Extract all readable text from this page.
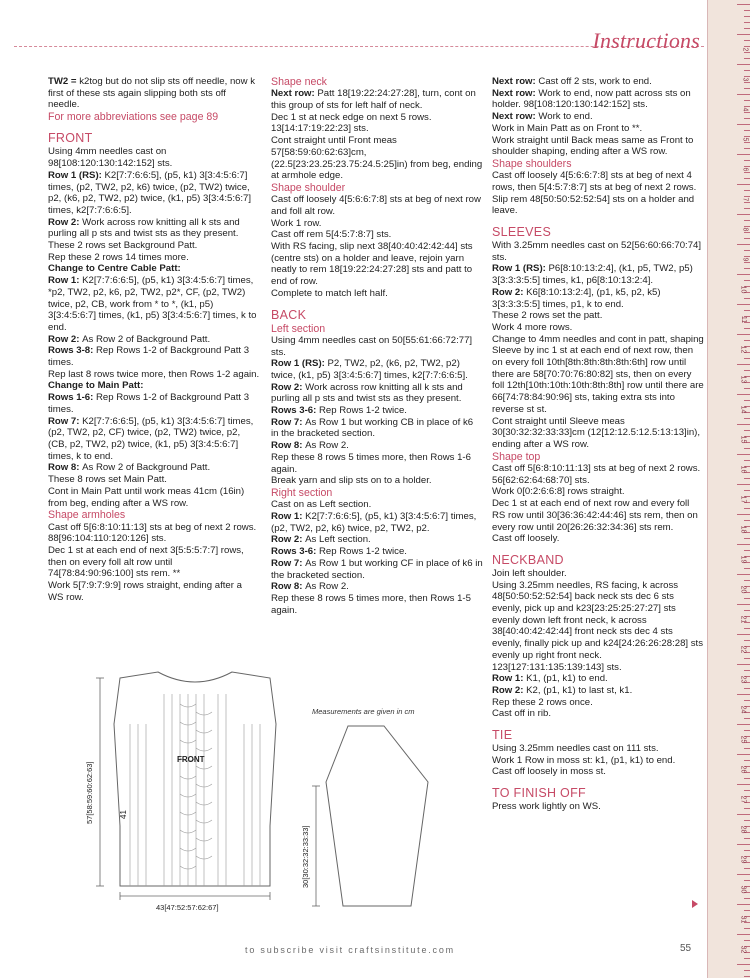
Instructions	2
3
4
5
6
7
8
9
10
11
12
13
14
15
16
17
18
19
20
21
22
23
24
25
26
27
28
29
30
31
32

TW2 = k2tog but do not slip sts off needle, now k first of these sts again slipping both sts off needle.

For more abbreviations see page 89
FRONT

Using 4mm needles cast on 98[108:120:130:142:152] sts.

Row 1 (RS): K2[7:7:6:6:5], (p5, k1) 3[3:4:5:6:7] times, (p2, TW2, p2, k6) twice, (p2, TW2) twice, p2, (k6, p2, TW2, p2) twice, (k1, p5) 3[3:4:5:6:7] times, k2[7:7:6:6:5].

Row 2: Work across row knitting all k sts and purling all p sts and twist sts as they present.

These 2 rows set Background Patt.

Rep these 2 rows 14 times more.

Change to Centre Cable Patt:

Row 1: K2[7:7:6:6:5], (p5, k1) 3[3:4:5:6:7] times, *p2, TW2, p2, k6, p2, TW2, p2*, CF, (p2, TW2) twice, p2, CB, work from * to *, (k1, p5) 3[3:4:5:6:7] times, (k1, p5) 3[3:4:5:6:7] times, k to end.

Row 2: As Row 2 of Background Patt.

Rows 3-8: Rep Rows 1-2 of Background Patt 3 times.

Rep last 8 rows twice more, then Rows 1-2 again.

Change to Main Patt:

Rows 1-6: Rep Rows 1-2 of Background Patt 3 times.

Row 7: K2[7:7:6:6:5], (p5, k1) 3[3:4:5:6:7] times, (p2, TW2, p2, CF) twice, (p2, TW2) twice, p2, (CB, p2, TW2, p2) twice, (k1, p5) 3[3:4:5:6:7] times, k to end.

Row 8: As Row 2 of Background Patt.

These 8 rows set Main Patt.

Cont in Main Patt until work meas 41cm (16in) from beg, ending after a WS row.

Shape armholes

Cast off 5[6:8:10:11:13] sts at beg of next 2 rows. 88[96:104:110:120:126] sts.

Dec 1 st at each end of next 3[5:5:5:7:7] rows, then on every foll alt row until 74[78:84:90:96:100] sts rem. **

Work 5[7:9:7:9:9] rows straight, ending after a WS row.

Shape neck

Next row: Patt 18[19:22:24:27:28], turn, cont on this group of sts for left half of neck.

Dec 1 st at neck edge on next 5 rows. 13[14:17:19:22:23] sts.

Cont straight until Front meas 57[58:59:60:62:63]cm, (22.5[23:23.25:23.75:24.5:25]in) from beg, ending at armhole edge.

Shape shoulder

Cast off loosely 4[5:6:6:7:8] sts at beg of next row and foll alt row.

Work 1 row.

Cast off rem 5[4:5:7:8:7] sts.

With RS facing, slip next 38[40:40:42:42:44] sts (centre sts) on a holder and leave, rejoin yarn neatly to rem 18[19:22:24:27:28] sts and patt to end of row.

Complete to match left half.

BACK
Left section

Using 4mm needles cast on 50[55:61:66:72:77] sts.

Row 1 (RS): P2, TW2, p2, (k6, p2, TW2, p2) twice, (k1, p5) 3[3:4:5:6:7] times, k2[7:7:6:6:5].

Row 2: Work across row knitting all k sts and purling all p sts and twist sts as they present.

Rows 3-6: Rep Rows 1-2 twice.

Row 7: As Row 1 but working CB in place of k6 in the bracketed section.

Row 8: As Row 2.

Rep these 8 rows 5 times more, then Rows 1-6 again.

Break yarn and slip sts on to a holder.

Right section

Cast on as Left section.

Row 1: K2[7:7:6:6:5], (p5, k1) 3[3:4:5:6:7] times, (p2, TW2, p2, k6) twice, p2, TW2, p2.

Row 2: As Left section.

Rows 3-6: Rep Rows 1-2 twice.

Row 7: As Row 1 but working CF in place of k6 in the bracketed section.

Row 8: As Row 2.

Rep these 8 rows 5 times more, then Rows 1-5 again.

Next row: Cast off 2 sts, work to end.

Next row: Work to end, now patt across sts on holder. 98[108:120:130:142:152] sts.

Next row: Work to end.

Work in Main Patt as on Front to **.

Work straight until Back meas same as Front to shoulder shaping, ending after a WS row.

Shape shoulders

Cast off loosely 4[5:6:6:7:8] sts at beg of next 4 rows, then 5[4:5:7:8:7] sts at beg of next 2 rows.

Slip rem 48[50:50:52:52:54] sts on a holder and leave.

SLEEVES

With 3.25mm needles cast on 52[56:60:66:70:74] sts.

Row 1 (RS): P6[8:10:13:2:4], (k1, p5, TW2, p5) 3[3:3:3:5:5] times, k1, p6[8:10:13:2:4].

Row 2: K6[8:10:13:2:4], (p1, k5, p2, k5) 3[3:3:3:5:5] times, p1, k to end.

These 2 rows set the patt.

Work 4 more rows.

Change to 4mm needles and cont in patt, shaping Sleeve by inc 1 st at each end of next row, then on every foll 10th[8th:8th:8th:8th:6th] row until there are 58[70:70:76:80:82] sts, then on every foll 12th[10th:10th:10th:8th:8th] row until there are 66[74:78:84:90:96] sts, taking extra sts into reverse st st.

Cont straight until Sleeve meas 30[30:32:32:33:33]cm (12[12:12.5:12.5:13:13]in), ending after a WS row.

Shape top

Cast off 5[6:8:10:11:13] sts at beg of next 2 rows. 56[62:62:64:68:70] sts.

Work 0[0:2:6:6:8] rows straight.

Dec 1 st at each end of next row and every foll RS row until 30[36:36:42:44:46] sts rem, then on every row until 20[26:26:32:34:36] sts rem.

Cast off loosely.

NECKBAND

Join left shoulder.

Using 3.25mm needles, RS facing, k across 48[50:50:52:52:54] back neck sts dec 6 sts evenly, pick up and k23[23:25:25:27:27] sts evenly down left front neck, k across 38[40:40:42:42:44] front neck sts dec 4 sts evenly, finally pick up and k24[24:26:26:28:28] sts evenly up right front neck. 123[127:131:135:139:143] sts.

Row 1: K1, (p1, k1) to end.

Row 2: K2, (p1, k1) to last st, k1.

Rep these 2 rows once.

Cast off in rib.

TIE

Using 3.25mm needles cast on 111 sts.

Work 1 Row in moss st: k1, (p1, k1) to end.

Cast off loosely in moss st.

TO FINISH OFF

Press work lightly on WS.

FRONT
57[58:59:60:62:63]	41
43[47:52:57:62:67]
Measurements are given in cm
30[30:32:32:33:33]
to subscribe visit craftsinstitute.com	55
